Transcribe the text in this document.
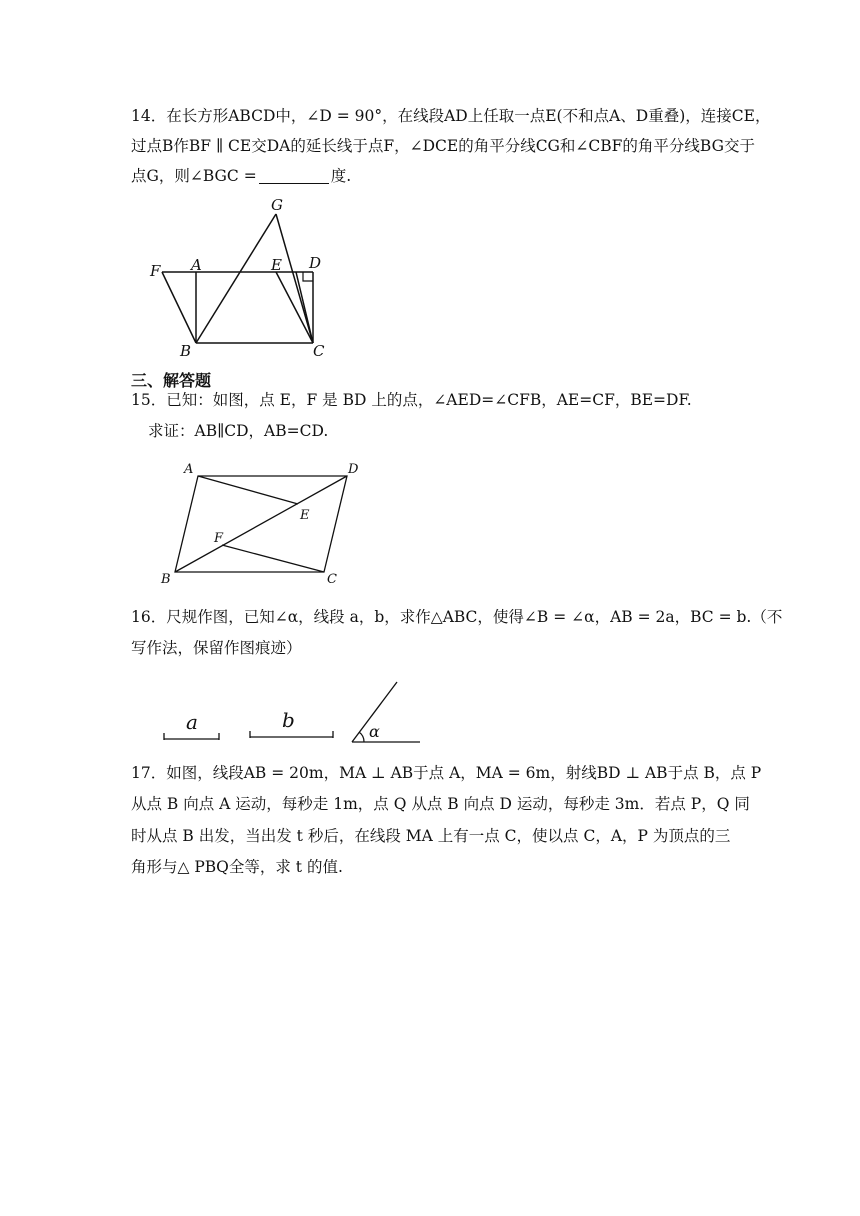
14．在长方形ABCD中，∠D = 90°，在线段AD上任取一点E(不和点A、D重叠)，连接CE，
过点B作BF ∥ CE交DA的延长线于点F，∠DCE的角平分线CG和∠CBF的角平分线BG交于
点G，则∠BGC =	度.
G
F A	E D
B	C
三、解答题
15．已知：如图，点 E，F 是 BD 上的点，∠AED=∠CFB，AE=CF，BE=DF.
求证：AB∥CD，AB=CD.
A	D
E
F
B	C
16．尺规作图，已知∠α，线段 a，b，求作△ABC，使得∠B = ∠α，AB = 2a，BC = b.（不
写作法，保留作图痕迹）
a	b	α
17．如图，线段AB = 20m，MA ⊥ AB于点 A，MA = 6m，射线BD ⊥ AB于点 B，点 P
从点 B 向点 A 运动，每秒走 1m，点 Q 从点 B 向点 D 运动，每秒走 3m．若点 P，Q 同
时从点 B 出发，当出发 t 秒后，在线段 MA 上有一点 C，使以点 C，A，P 为顶点的三
角形与△ PBQ全等，求 t 的值.
